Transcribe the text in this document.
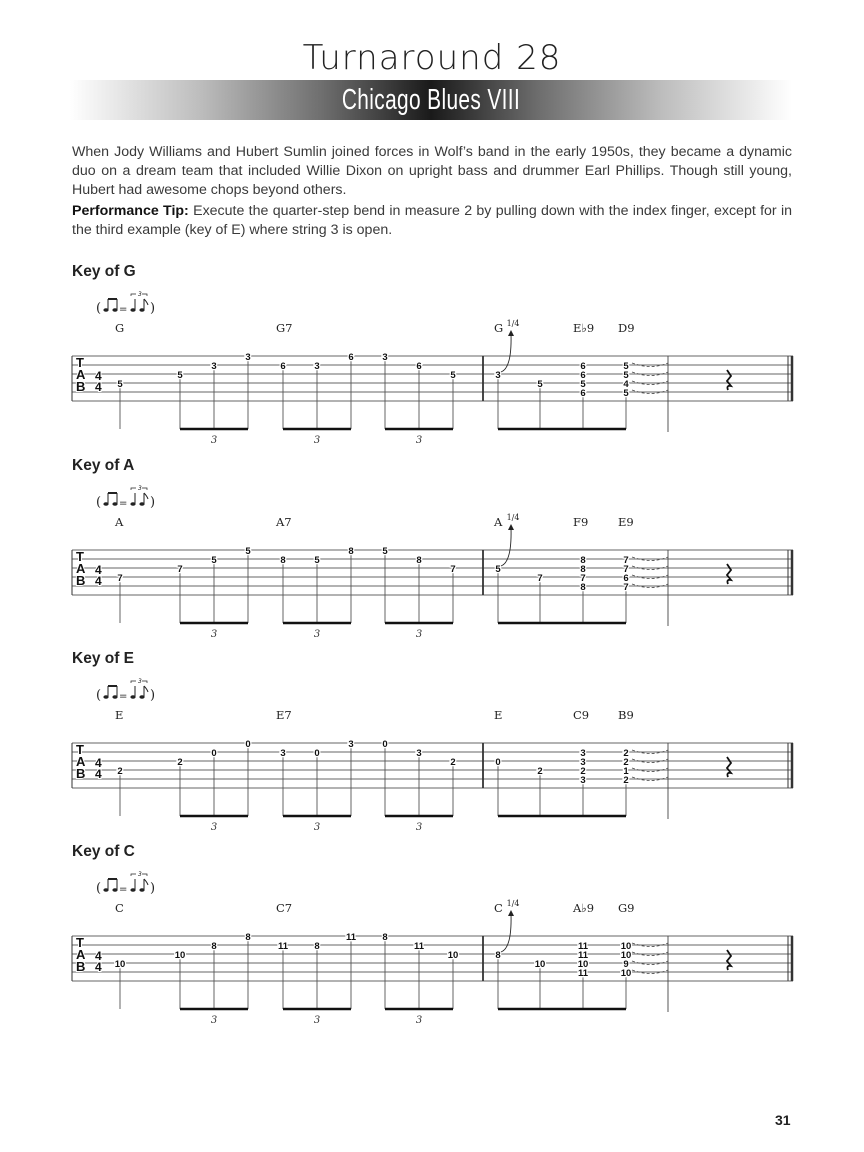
Turnaround 28
Chicago Blues VIII
When Jody Williams and Hubert Sumlin joined forces in Wolf’s band in the early 1950s, they became a dynamic duo on a dream team that included Willie Dixon on upright bass and drummer Earl Phillips. Though still young, Hubert had awesome chops beyond others.
Performance Tip: Execute the quarter-step bend in measure 2 by pulling down with the index finger, except for in the third example (key of E) where string 3 is open.
Key of G
(	)
=
3
G	G7	G	E♭9 D9
T
A
B
4
4 5
5
3
3
6	3
6	3
6
5
3	3	3
3
1/4
5
6
6
5
6
5
5
4
5
Key of A
(	)
=
3
A	A7	A	F9	E9
T
A
B
4
4 7
7
5
5
8	5
8	5
8
7
3	3	3
5
1/4
7
8
8
7
8
7
7
6
7
Key of E
(	)
=
3
E	E7	E	C9	B9
T
A
B
4
4 2
2
0
0
3	0
3	0
3
2
3	3	3
0
2
3
3
2
3
2
2
1
2
Key of C
(	)
=
3
C	C7	C	A♭9 G9
T
A
B
4
4 10
10
8
8
11	8
11	8
11
10
3	3	3
8
1/4
10
11
11
10
11
10
10
9
10
31
